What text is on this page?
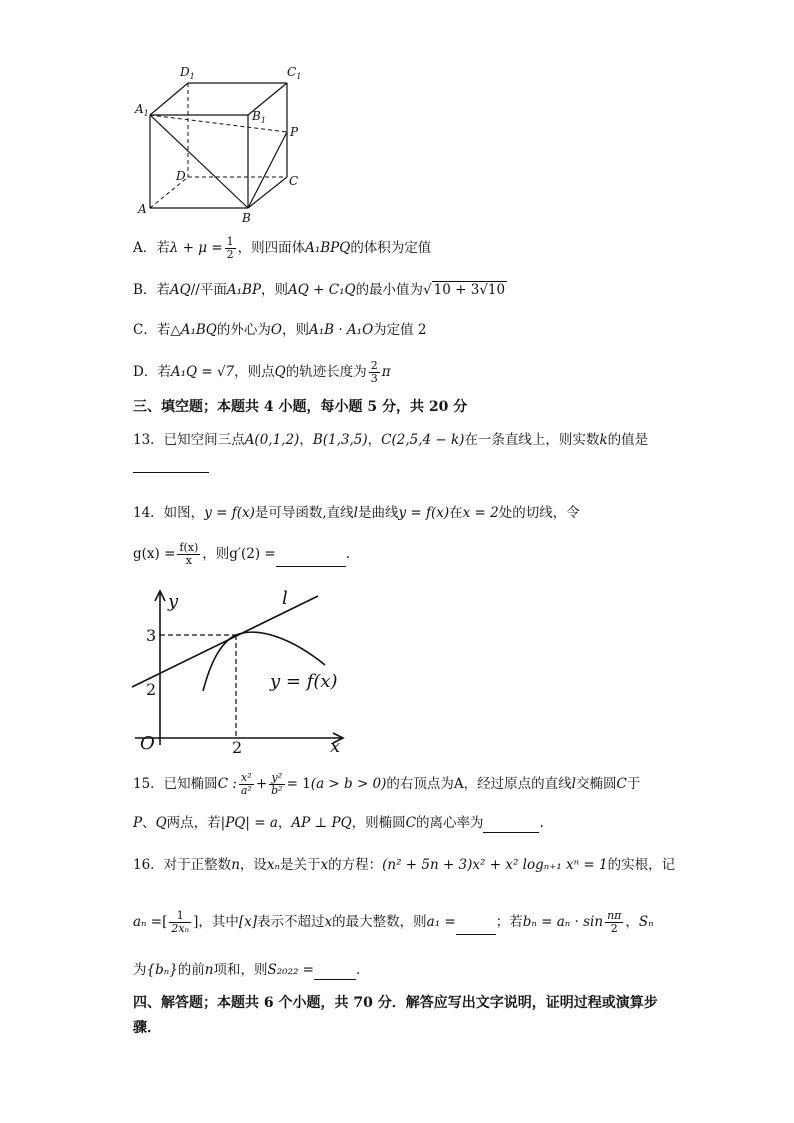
$D_1$	$C_1$
$A_1$	$B_1$
P
D	C
A
B
A．若$\lambda + \mu = \frac{1}{2}$ ，则四面体A₁BPQ的体积为定值
B．若AQ//平面A₁BP，则AQ + C₁Q的最小值为√ 10 + 3√10
C．若△A₁BQ的外心为O，则A₁B · A₁O为定值 2
D．若A₁Q = √7，则点Q的轨迹长度为 $\frac{2}{3}$ π
三、填空题；本题共 4 小题，每小题 5 分，共 20 分
13．已知空间三点A(0,1,2)，B(1,3,5)，C(2,5,4 − k)在一条直线上，则实数k的值是
14．如图，y = f(x)是可导函数,直线l是曲线y = f(x)在x = 2处的切线，令
$g(x) = \frac{f(x)}{x}$ ，则g′(2) =	.
y
x
O
l
y = f(x)
3
2
2
15．已知椭圆C : $\frac{\text{x²}}{\text{a²}} + \frac{\text{y²}}{\text{b²}} = 1(a > b > 0)$的右顶点为A，经过原点的直线l交椭圆C于
P、Q两点，若|PQ| = a，AP ⊥ PQ，则椭圆C的离心率为	.
16．对于正整数n，设xₙ是关于x的方程：(n² + 5n + 3)x² + x² logₙ₊₁ xⁿ = 1的实根，记
aₙ =[ $\frac{1}{\text{2xₙ}}$ ]，其中[x]表示不超过x的最大整数，则a₁ =	；若$b_n = a_n \cdot \sin \frac{n\pi}{2}$ ，Sₙ
为{bₙ}的前n项和，则S₂₀₂₂ =	.
四、解答题；本题共 6 个小题，共 70 分．解答应写出文字说明，证明过程或演算步
骤．
